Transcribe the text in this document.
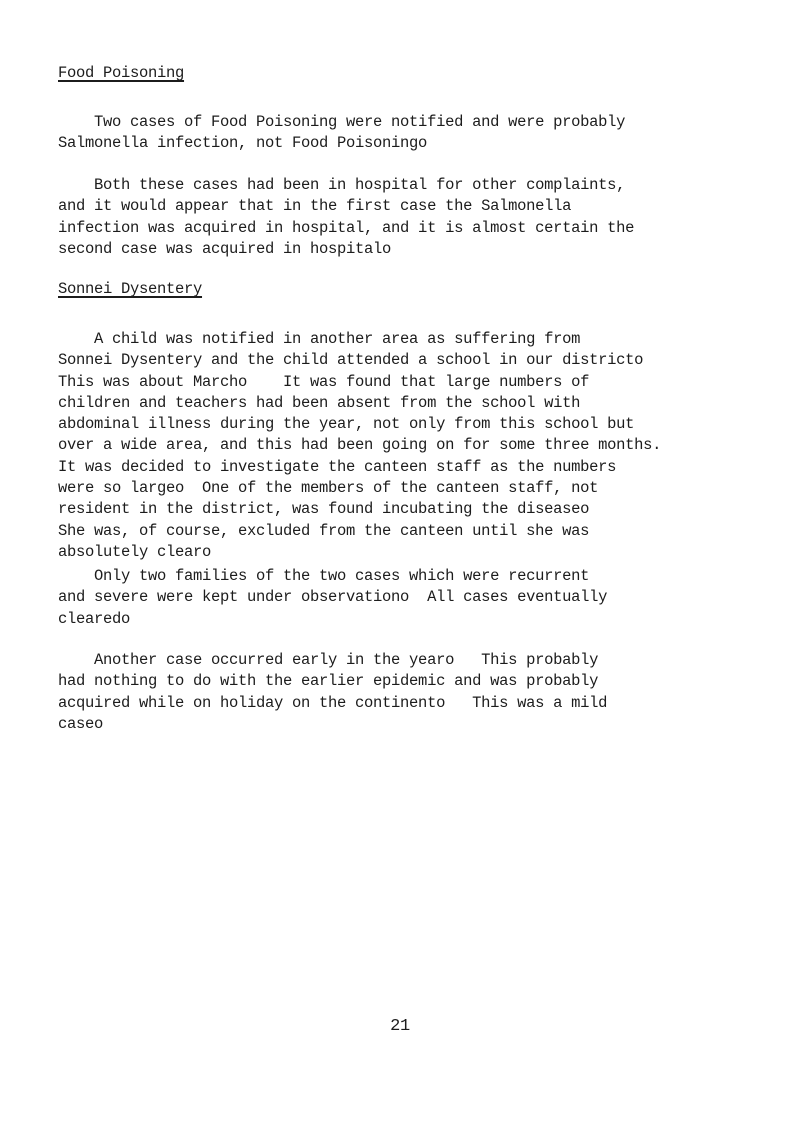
Food Poisoning

Two cases of Food Poisoning were notified and were probably
Salmonella infection, not Food Poisoningo

Both these cases had been in hospital for other complaints,
and it would appear that in the first case the Salmonella
infection was acquired in hospital, and it is almost certain the
second case was acquired in hospitalo

Sonnei Dysentery

A child was notified in another area as suffering from
Sonnei Dysentery and the child attended a school in our districto
This was about Marcho    It was found that large numbers of
children and teachers had been absent from the school with
abdominal illness during the year, not only from this school but
over a wide area, and this had been going on for some three months.
It was decided to investigate the canteen staff as the numbers
were so largeo  One of the members of the canteen staff, not
resident in the district, was found incubating the diseaseo
She was, of course, excluded from the canteen until she was
absolutely clearo

Only two families of the two cases which were recurrent
and severe were kept under observationo  All cases eventually
clearedo

Another case occurred early in the yearo   This probably
had nothing to do with the earlier epidemic and was probably
acquired while on holiday on the continento   This was a mild
caseo

21
